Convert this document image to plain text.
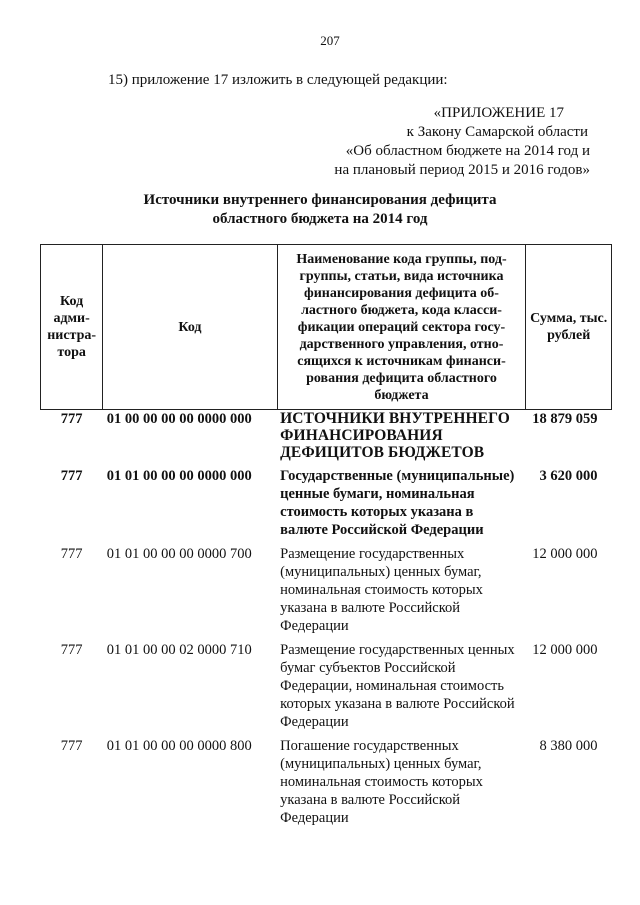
207
15) приложение 17 изложить в следующей редакции:
«ПРИЛОЖЕНИЕ 17
к Закону Самарской области
«Об областном бюджете на 2014 год и
на плановый период 2015 и 2016 годов»
Источники внутреннего финансирования дефицита
областного бюджета на 2014 год
Код адми-нистра-тора	Код	Наименование кода группы, под-группы, статьи, вида источника финансирования дефицита об-ластного бюджета, кода класси-фикации операций сектора госу-дарственного управления, отно-сящихся к источникам финанси-рования дефицита областного бюджета	Сумма, тыс. рублей
777	01 00 00 00 00 0000 000	ИСТОЧНИКИ ВНУТРЕННЕГО ФИНАНСИРОВАНИЯ ДЕФИЦИТОВ БЮДЖЕТОВ	18 879 059
777	01 01 00 00 00 0000 000	Государственные (муниципальные) ценные бумаги, номинальная стоимость которых указана в валюте Российской Федерации	3 620 000
777	01 01 00 00 00 0000 700	Размещение государственных (муниципальных) ценных бумаг, номинальная стоимость которых указана в валюте Российской Федерации	12 000 000
777	01 01 00 00 02 0000 710	Размещение государственных ценных бумаг субъектов Российской Федерации, номинальная стоимость которых указана в валюте Российской Федерации	12 000 000
777	01 01 00 00 00 0000 800	Погашение государственных (муниципальных) ценных бумаг, номинальная стоимость которых указана в валюте Российской Федерации	8 380 000
